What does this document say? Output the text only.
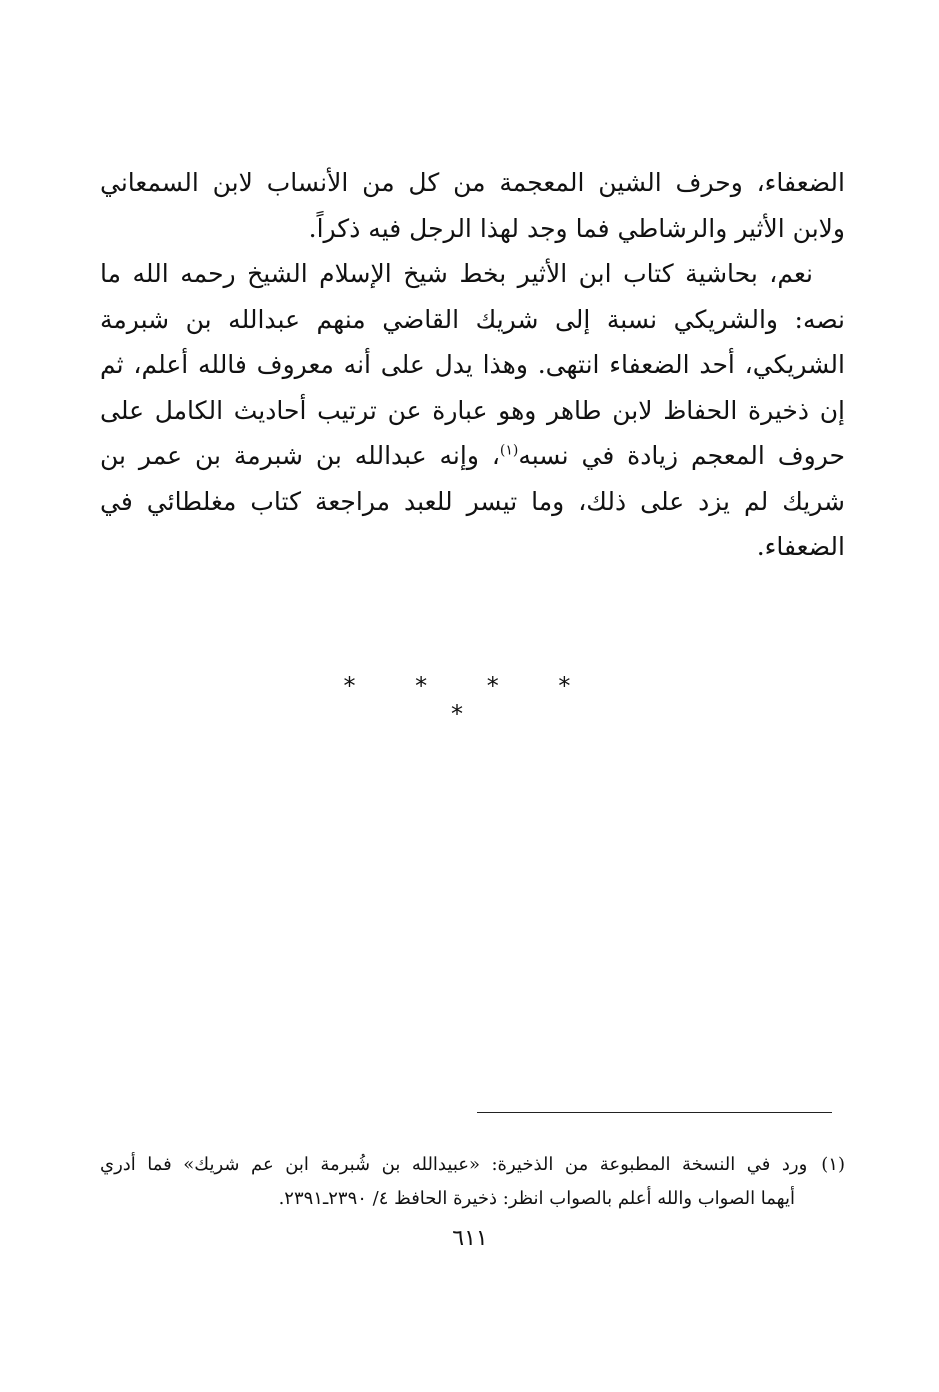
الضعفاء، وحرف الشين المعجمة من كل من الأنساب لابن السمعاني ولابن الأثير والرشاطي فما وجد لهذا الرجل فيه ذكراً.

نعم، بحاشية كتاب ابن الأثير بخط شيخ الإسلام الشيخ رحمه الله ما نصه: والشريكي نسبة إلى شريك القاضي منهم عبدالله بن شبرمة الشريكي، أحد الضعفاء انتهى. وهذا يدل على أنه معروف فالله أعلم، ثم إن ذخيرة الحفاظ لابن طاهر وهو عبارة عن ترتيب أحاديث الكامل على حروف المعجم زيادة في نسبه$^{(١)}$، وإنه عبدالله بن شبرمة بن عمر بن شريك لم يزد على ذلك، وما تيسر للعبد مراجعة كتاب مغلطائي في الضعفاء.

* * * * *
(١)ورد في النسخة المطبوعة من الذخيرة: «عبيدالله بن شُبرمة ابن عم شريك» فما أدري
أيهما الصواب والله أعلم بالصواب انظر: ذخيرة الحافظ ٤/ ٢٣٩٠ـ٢٣٩١.
٦١١
